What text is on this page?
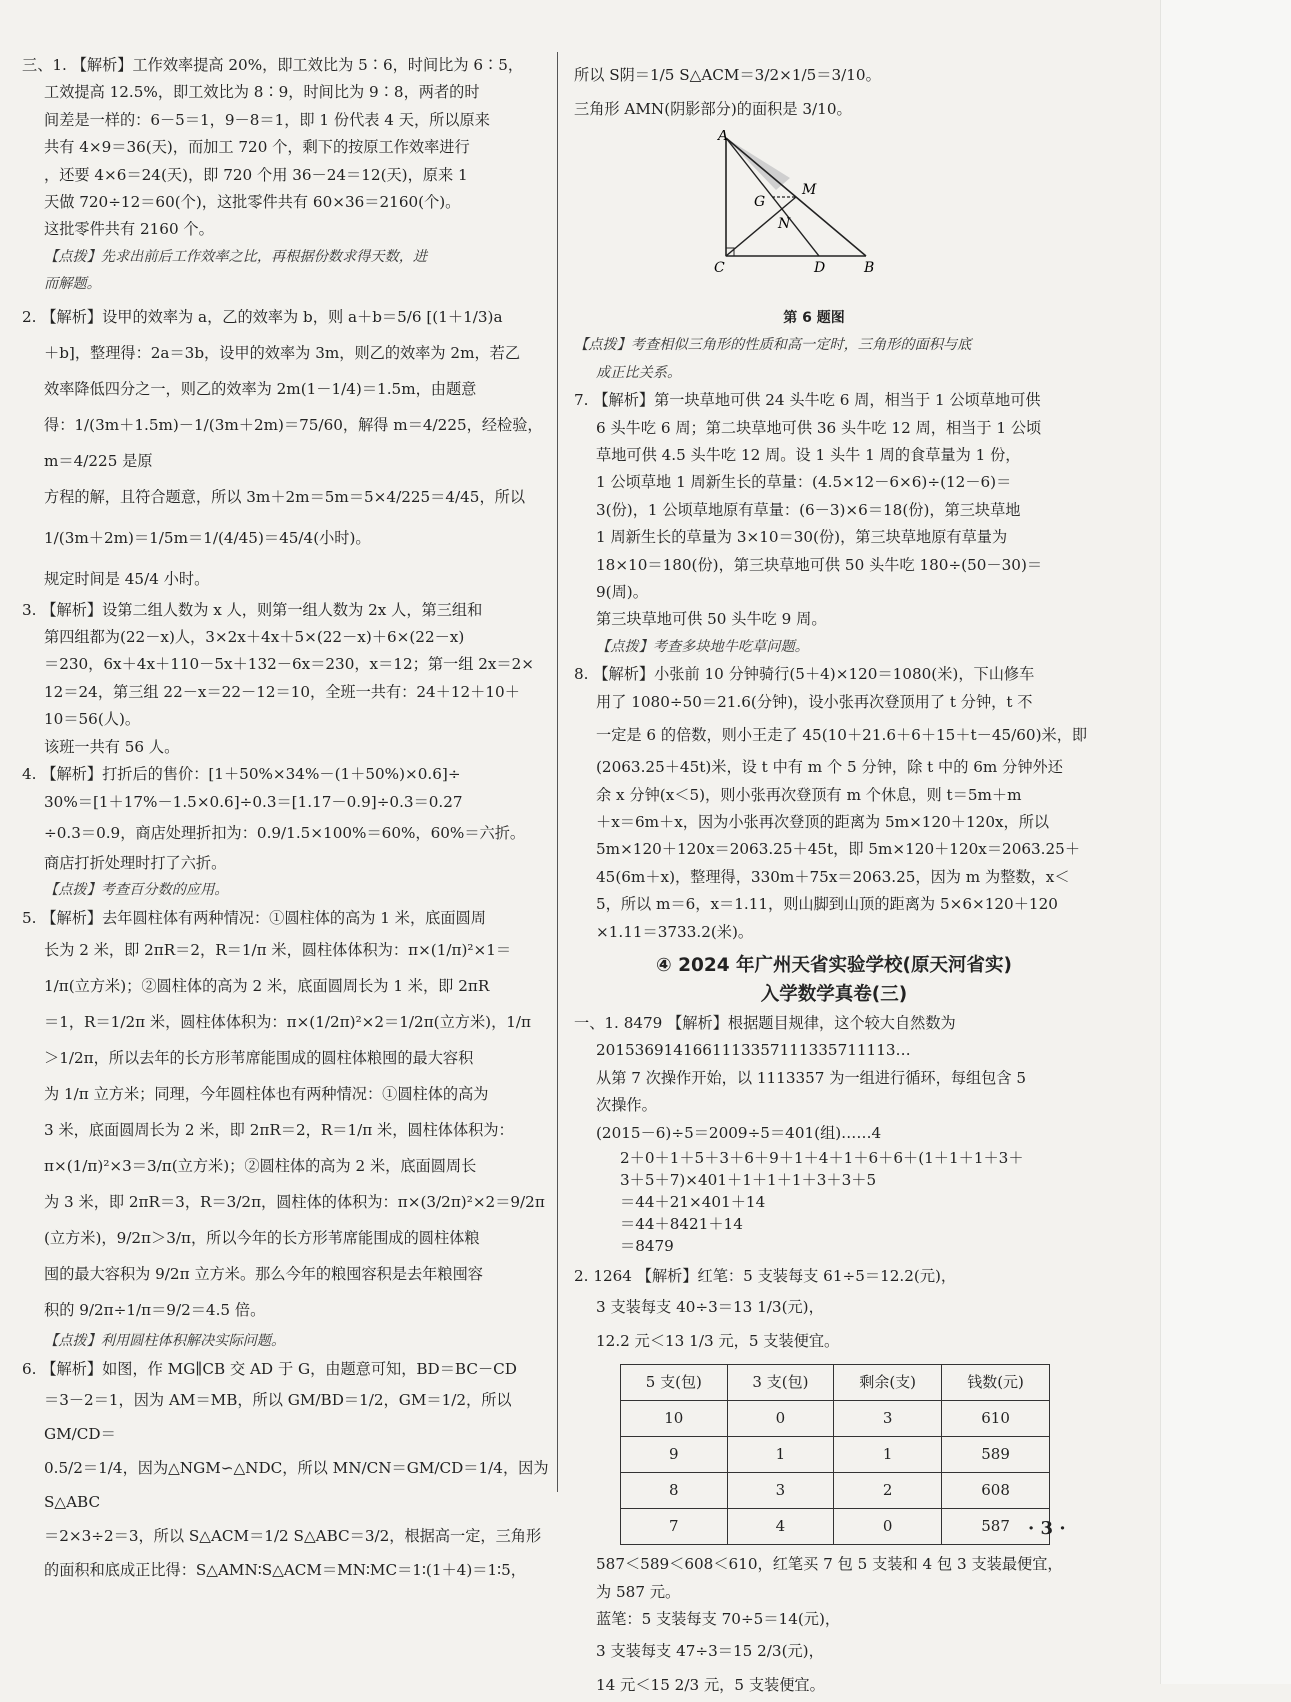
三、1. 【解析】工作效率提高 20%，即工效比为 5∶6，时间比为 6∶5，
工效提高 12.5%，即工效比为 8∶9，时间比为 9∶8，两者的时
间差是一样的：6－5＝1，9－8＝1，即 1 份代表 4 天，所以原来
共有 4×9＝36(天)，而加工 720 个，剩下的按原工作效率进行
，还要 4×6＝24(天)，即 720 个用 36－24＝12(天)，原来 1
天做 720÷12＝60(个)，这批零件共有 60×36＝2160(个)。
这批零件共有 2160 个。
【点拨】先求出前后工作效率之比，再根据份数求得天数，进
而解题。
2. 【解析】设甲的效率为 a，乙的效率为 b，则 a＋b＝5/6 [(1＋1/3)a
＋b]，整理得：2a＝3b，设甲的效率为 3m，则乙的效率为 2m，若乙
效率降低四分之一，则乙的效率为 2m(1－1/4)＝1.5m，由题意
得：1/(3m＋1.5m)－1/(3m＋2m)＝75/60，解得 m＝4/225，经检验，m＝4/225 是原
方程的解，且符合题意，所以 3m＋2m＝5m＝5×4/225＝4/45，所以
1/(3m＋2m)＝1/5m＝1/(4/45)＝45/4(小时)。
规定时间是 45/4 小时。
3. 【解析】设第二组人数为 x 人，则第一组人数为 2x 人，第三组和
第四组都为(22－x)人，3×2x＋4x＋5×(22－x)＋6×(22－x)
＝230，6x＋4x＋110－5x＋132－6x＝230，x＝12；第一组 2x＝2×
12＝24，第三组 22－x＝22－12＝10，全班一共有：24＋12＋10＋
10＝56(人)。
该班一共有 56 人。
4. 【解析】打折后的售价：[1＋50%×34%－(1＋50%)×0.6]÷
30%＝[1＋17%－1.5×0.6]÷0.3＝[1.17－0.9]÷0.3＝0.27
÷0.3＝0.9，商店处理折扣为：0.9/1.5×100%＝60%，60%＝六折。
商店打折处理时打了六折。
【点拨】考查百分数的应用。
5. 【解析】去年圆柱体有两种情况：①圆柱体的高为 1 米，底面圆周
长为 2 米，即 2πR＝2，R＝1/π 米，圆柱体体积为：π×(1/π)²×1＝
1/π(立方米)；②圆柱体的高为 2 米，底面圆周长为 1 米，即 2πR
＝1，R＝1/2π 米，圆柱体体积为：π×(1/2π)²×2＝1/2π(立方米)，1/π
＞1/2π，所以去年的长方形苇席能围成的圆柱体粮囤的最大容积
为 1/π 立方米；同理，今年圆柱体也有两种情况：①圆柱体的高为
3 米，底面圆周长为 2 米，即 2πR＝2，R＝1/π 米，圆柱体体积为：
π×(1/π)²×3＝3/π(立方米)；②圆柱体的高为 2 米，底面圆周长
为 3 米，即 2πR＝3，R＝3/2π，圆柱体的体积为：π×(3/2π)²×2＝9/2π
(立方米)，9/2π＞3/π，所以今年的长方形苇席能围成的圆柱体粮
囤的最大容积为 9/2π 立方米。那么今年的粮囤容积是去年粮囤容
积的 9/2π÷1/π＝9/2＝4.5 倍。
【点拨】利用圆柱体积解决实际问题。
6. 【解析】如图，作 MG∥CB 交 AD 于 G，由题意可知，BD＝BC－CD
＝3－2＝1，因为 AM＝MB，所以 GM/BD＝1/2，GM＝1/2，所以 GM/CD＝
0.5/2＝1/4，因为△NGM∽△NDC，所以 MN/CN＝GM/CD＝1/4，因为 S△ABC
＝2×3÷2＝3，所以 S△ACM＝1/2 S△ABC＝3/2，根据高一定，三角形
的面积和底成正比得：S△AMN∶S△ACM＝MN∶MC＝1∶(1＋4)＝1∶5，
所以 S阴＝1/5 S△ACM＝3/2×1/5＝3/10。
三角形 AMN(阴影部分)的面积是 3/10。
A
M
G
N
C	D	B
第 6 题图
【点拨】考查相似三角形的性质和高一定时，三角形的面积与底
成正比关系。
7. 【解析】第一块草地可供 24 头牛吃 6 周，相当于 1 公顷草地可供
6 头牛吃 6 周；第二块草地可供 36 头牛吃 12 周，相当于 1 公顷
草地可供 4.5 头牛吃 12 周。设 1 头牛 1 周的食草量为 1 份，
1 公顷草地 1 周新生长的草量：(4.5×12－6×6)÷(12－6)＝
3(份)，1 公顷草地原有草量：(6－3)×6＝18(份)，第三块草地
1 周新生长的草量为 3×10＝30(份)，第三块草地原有草量为
18×10＝180(份)，第三块草地可供 50 头牛吃 180÷(50－30)＝
9(周)。
第三块草地可供 50 头牛吃 9 周。
【点拨】考查多块地牛吃草问题。
8. 【解析】小张前 10 分钟骑行(5＋4)×120＝1080(米)，下山修车
用了 1080÷50＝21.6(分钟)，设小张再次登顶用了 t 分钟，t 不
一定是 6 的倍数，则小王走了 45(10＋21.6＋6＋15＋t－45/60)米，即
(2063.25＋45t)米，设 t 中有 m 个 5 分钟，除 t 中的 6m 分钟外还
余 x 分钟(x＜5)，则小张再次登顶有 m 个休息，则 t＝5m＋m
＋x＝6m＋x，因为小张再次登顶的距离为 5m×120＋120x，所以
5m×120＋120x＝2063.25＋45t，即 5m×120＋120x＝2063.25＋
45(6m＋x)，整理得，330m＋75x＝2063.25，因为 m 为整数，x＜
5，所以 m＝6，x＝1.11，则山脚到山顶的距离为 5×6×120＋120
×1.11＝3733.2(米)。
④ 2024 年广州天省实验学校(原天河省实)
入学数学真卷(三)
一、1. 8479 【解析】根据题目规律，这个较大自然数为
2015369141661113357111335711113…
从第 7 次操作开始，以 1113357 为一组进行循环，每组包含 5
次操作。
(2015－6)÷5＝2009÷5＝401(组)……4
2＋0＋1＋5＋3＋6＋9＋1＋4＋1＋6＋6＋(1＋1＋1＋3＋
3＋5＋7)×401＋1＋1＋1＋3＋3＋5
＝44＋21×401＋14
＝44＋8421＋14
＝8479
2. 1264 【解析】红笔：5 支装每支 61÷5＝12.2(元)，
3 支装每支 40÷3＝13 1/3(元)，
12.2 元＜13 1/3 元，5 支装便宜。
5 支(包)	3 支(包)	剩余(支)	钱数(元)
10	0	3	610
9	1	1	589
8	3	2	608
7	4	0	587
587＜589＜608＜610，红笔买 7 包 5 支装和 4 包 3 支装最便宜，
为 587 元。
蓝笔：5 支装每支 70÷5＝14(元)，
3 支装每支 47÷3＝15 2/3(元)，
14 元＜15 2/3 元，5 支装便宜。
· 3 ·
